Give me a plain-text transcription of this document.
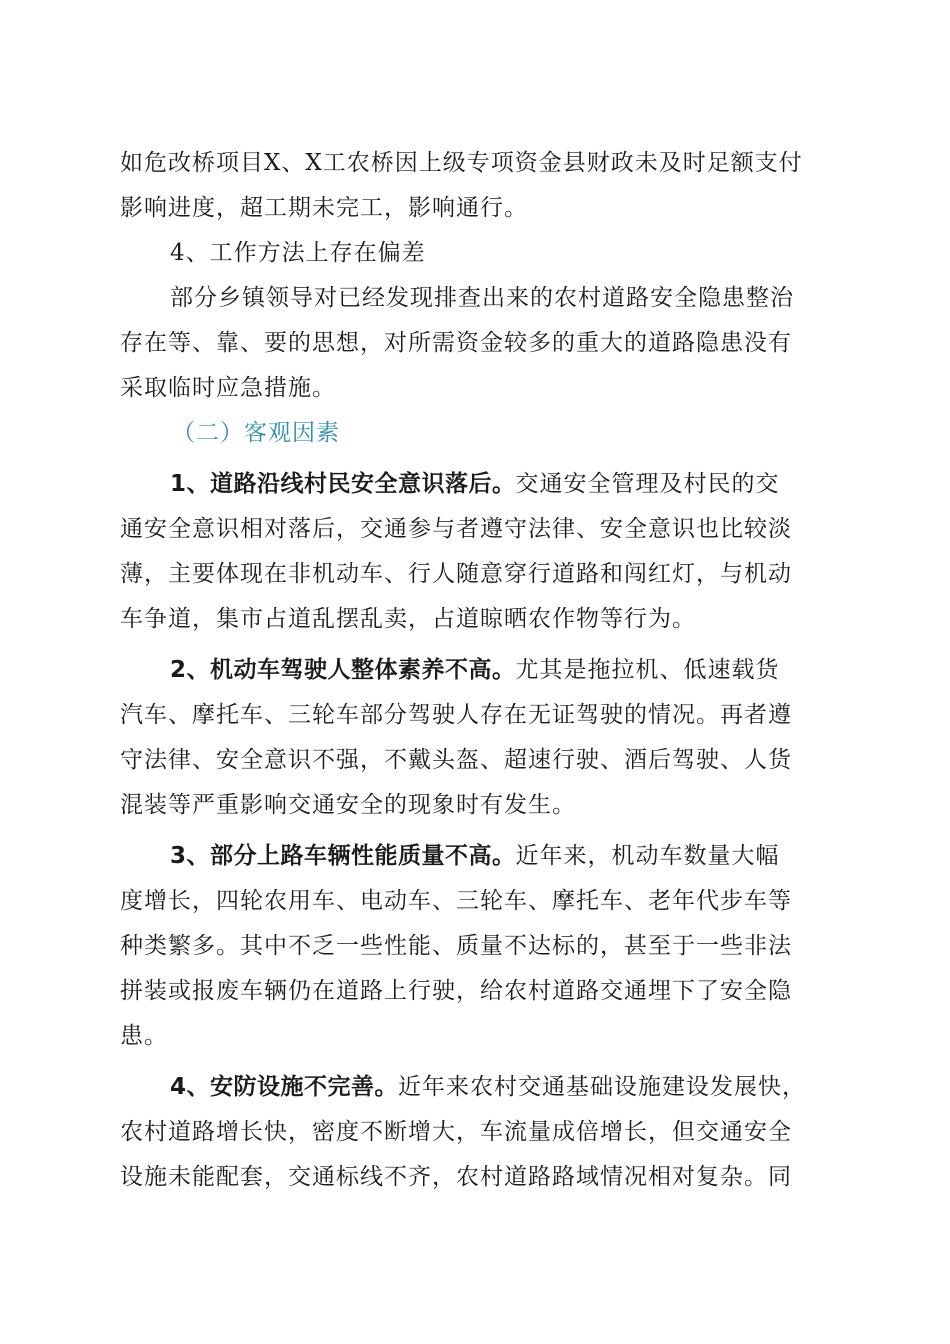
如危改桥项目X、X工农桥因上级专项资金县财政未及时足额支付
影响进度，超工期未完工，影响通行。

4、工作方法上存在偏差

部分乡镇领导对已经发现排查出来的农村道路安全隐患整治
存在等、靠、要的思想，对所需资金较多的重大的道路隐患没有
采取临时应急措施。

（二）客观因素

1、道路沿线村民安全意识落后。交通安全管理及村民的交
通安全意识相对落后，交通参与者遵守法律、安全意识也比较淡
薄，主要体现在非机动车、行人随意穿行道路和闯红灯，与机动
车争道，集市占道乱摆乱卖，占道晾晒农作物等行为。

2、机动车驾驶人整体素养不高。尤其是拖拉机、低速载货
汽车、摩托车、三轮车部分驾驶人存在无证驾驶的情况。再者遵
守法律、安全意识不强，不戴头盔、超速行驶、酒后驾驶、人货
混装等严重影响交通安全的现象时有发生。

3、部分上路车辆性能质量不高。近年来，机动车数量大幅
度增长，四轮农用车、电动车、三轮车、摩托车、老年代步车等
种类繁多。其中不乏一些性能、质量不达标的，甚至于一些非法
拼装或报废车辆仍在道路上行驶，给农村道路交通埋下了安全隐
患。

4、安防设施不完善。近年来农村交通基础设施建设发展快，
农村道路增长快，密度不断增大，车流量成倍增长，但交通安全
设施未能配套，交通标线不齐，农村道路路域情况相对复杂。同
